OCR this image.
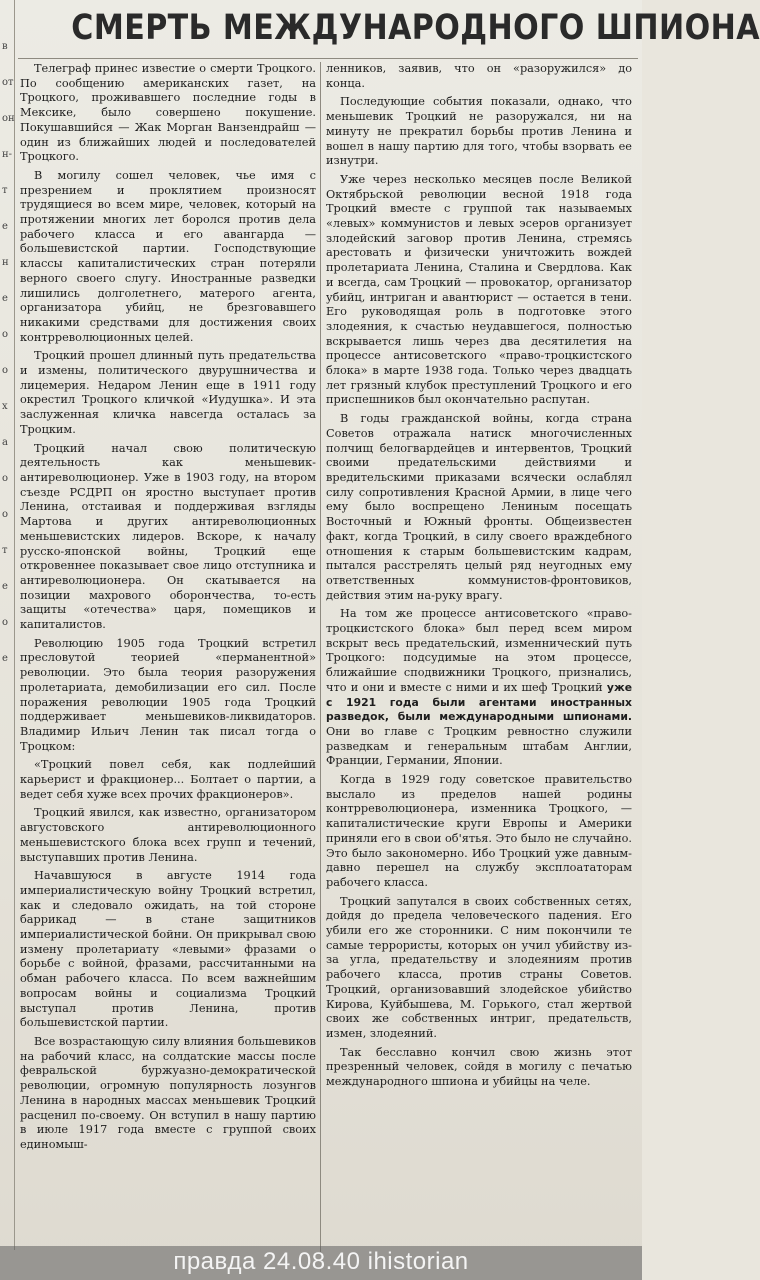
в
от
он
н-
т
е
н
е
о
о
х
а
о
о
т
е
о
е
СМЕРТЬ МЕЖДУНАРОДНОГО ШПИОНА

Телеграф принес известие о смерти Троцкого. По сообщению американских газет, на Троцкого, проживавшего последние годы в Мексике, было совершено покушение. Покушавшийся — Жак Морган Ванзендрайш — один из ближайших людей и последователей Троцкого.

В могилу сошел человек, чье имя с презрением и проклятием произносят трудящиеся во всем мире, человек, который на протяжении многих лет боролся против дела рабочего класса и его авангарда — большевистской партии. Господствующие классы капиталистических стран потеряли верного своего слугу. Иностранные разведки лишились долголетнего, матерого агента, организатора убийц, не брезговавшего никакими средствами для достижения своих контрреволюционных целей.

Троцкий прошел длинный путь предательства и измены, политического двурушничества и лицемерия. Недаром Ленин еще в 1911 году окрестил Троцкого кличкой «Иудушка». И эта заслуженная кличка навсегда осталась за Троцким.

Троцкий начал свою политическую деятельность как меньшевик-антиреволюционер. Уже в 1903 году, на втором съезде РСДРП он яростно выступает против Ленина, отстаивая и поддерживая взгляды Мартова и других антиреволюционных меньшевистских лидеров. Вскоре, к началу русско-японской войны, Троцкий еще откровеннее показывает свое лицо отступника и антиреволюционера. Он скатывается на позиции махрового оборончества, то-есть защиты «отечества» царя, помещиков и капиталистов.

Революцию 1905 года Троцкий встретил пресловутой теорией «перманентной» революции. Это была теория разоружения пролетариата, демобилизации его сил. После поражения революции 1905 года Троцкий поддерживает меньшевиков-ликвидаторов. Владимир Ильич Ленин так писал тогда о Троцком:

«Троцкий повел себя, как подлейший карьерист и фракционер... Болтает о партии, а ведет себя хуже всех прочих фракционеров».

Троцкий явился, как известно, организатором августовского антиреволюционного меньшевистского блока всех групп и течений, выступавших против Ленина.

Начавшуюся в августе 1914 года империалистическую войну Троцкий встретил, как и следовало ожидать, на той стороне баррикад — в стане защитников империалистической бойни. Он прикрывал свою измену пролетариату «левыми» фразами о борьбе с войной, фразами, рассчитанными на обман рабочего класса. По всем важнейшим вопросам войны и социализма Троцкий выступал против Ленина, против большевистской партии.

Все возрастающую силу влияния большевиков на рабочий класс, на солдатские массы после февральской буржуазно-демократической революции, огромную популярность лозунгов Ленина в народных массах меньшевик Троцкий расценил по-своему. Он вступил в нашу партию в июле 1917 года вместе с группой своих единомыш-

ленников, заявив, что он «разоружился» до конца.

Последующие события показали, однако, что меньшевик Троцкий не разоружался, ни на минуту не прекратил борьбы против Ленина и вошел в нашу партию для того, чтобы взорвать ее изнутри.

Уже через несколько месяцев после Великой Октябрьской революции весной 1918 года Троцкий вместе с группой так называемых «левых» коммунистов и левых эсеров организует злодейский заговор против Ленина, стремясь арестовать и физически уничтожить вождей пролетариата Ленина, Сталина и Свердлова. Как и всегда, сам Троцкий — провокатор, организатор убийц, интриган и авантюрист — остается в тени. Его руководящая роль в подготовке этого злодеяния, к счастью неудавшегося, полностью вскрывается лишь через два десятилетия на процессе антисоветского «право-троцкистского блока» в марте 1938 года. Только через двадцать лет грязный клубок преступлений Троцкого и его приспешников был окончательно распутан.

В годы гражданской войны, когда страна Советов отражала натиск многочисленных полчищ белогвардейцев и интервентов, Троцкий своими предательскими действиями и вредительскими приказами всячески ослаблял силу сопротивления Красной Армии, в лице чего ему было воспрещено Лениным посещать Восточный и Южный фронты. Общеизвестен факт, когда Троцкий, в силу своего враждебного отношения к старым большевистским кадрам, пытался расстрелять целый ряд неугодных ему ответственных коммунистов-фронтовиков, действия этим на-руку врагу.

На том же процессе антисоветского «право-троцкистского блока» был перед всем миром вскрыт весь предательский, изменнический путь Троцкого: подсудимые на этом процессе, ближайшие сподвижники Троцкого, признались, что и они и вместе с ними и их шеф Троцкий уже с 1921 года были агентами иностранных разведок, были международными шпионами. Они во главе с Троцким ревностно служили разведкам и генеральным штабам Англии, Франции, Германии, Японии.

Когда в 1929 году советское правительство выслало из пределов нашей родины контрреволюционера, изменника Троцкого, — капиталистические круги Европы и Америки приняли его в свои об'ятья. Это было не случайно. Это было закономерно. Ибо Троцкий уже давным-давно перешел на службу эксплоататорам рабочего класса.

Троцкий запутался в своих собственных сетях, дойдя до предела человеческого падения. Его убили его же сторонники. С ним покончили те самые террористы, которых он учил убийству из-за угла, предательству и злодеяниям против рабочего класса, против страны Советов. Троцкий, организовавший злодейское убийство Кирова, Куйбышева, М. Горького, стал жертвой своих же собственных интриг, предательств, измен, злодеяний.

Так бесславно кончил свою жизнь этот презренный человек, сойдя в могилу с печатью международного шпиона и убийцы на челе.

правда 24.08.40 ihistorian
